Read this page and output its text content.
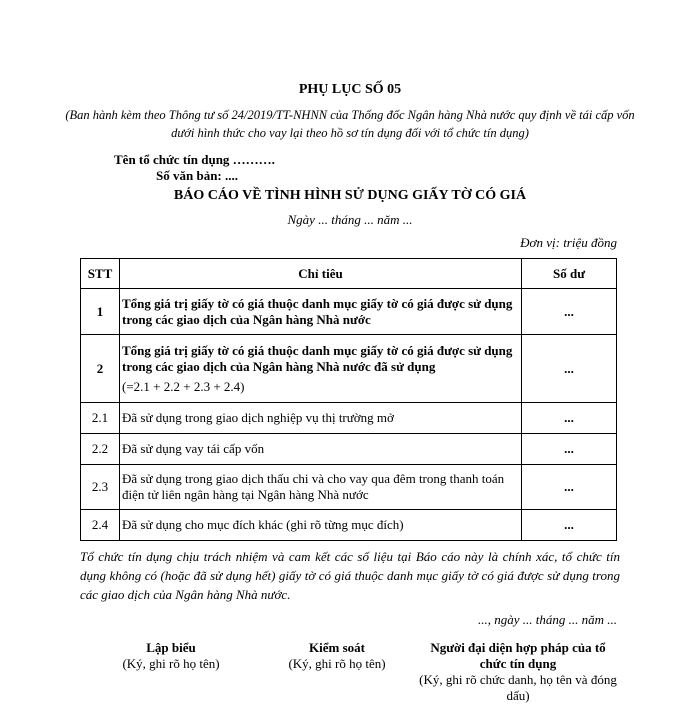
PHỤ LỤC SỐ 05
(Ban hành kèm theo Thông tư số 24/2019/TT-NHNN của Thống đốc Ngân hàng Nhà nước quy định về tái cấp vốn dưới hình thức cho vay lại theo hồ sơ tín dụng đối với tổ chức tín dụng)
Tên tổ chức tín dụng ……….
Số văn bản: ....
BÁO CÁO VỀ TÌNH HÌNH SỬ DỤNG GIẤY TỜ CÓ GIÁ
Ngày ... tháng ... năm ...
Đơn vị: triệu đồng
STT	Chỉ tiêu	Số dư
1	Tổng giá trị giấy tờ có giá thuộc danh mục giấy tờ có giá được sử dụng trong các giao dịch của Ngân hàng Nhà nước	...
2	Tổng giá trị giấy tờ có giá thuộc danh mục giấy tờ có giá được sử dụng trong các giao dịch của Ngân hàng Nhà nước đã sử dụng
(=2.1 + 2.2 + 2.3 + 2.4)	...
2.1	Đã sử dụng trong giao dịch nghiệp vụ thị trường mở	...
2.2	Đã sử dụng vay tái cấp vốn	...
2.3	Đã sử dụng trong giao dịch thấu chi và cho vay qua đêm trong thanh toán điện tử liên ngân hàng tại Ngân hàng Nhà nước	...
2.4	Đã sử dụng cho mục đích khác (ghi rõ từng mục đích)	...
Tổ chức tín dụng chịu trách nhiệm và cam kết các số liệu tại Báo cáo này là chính xác, tổ chức tín dụng không có (hoặc đã sử dụng hết) giấy tờ có giá thuộc danh mục giấy tờ có giá được sử dụng trong các giao dịch của Ngân hàng Nhà nước.
..., ngày ... tháng ... năm ...
Lập biểu
(Ký, ghi rõ họ tên)
Kiểm soát
(Ký, ghi rõ họ tên)
Người đại diện hợp pháp của tổ chức tín dụng
(Ký, ghi rõ chức danh, họ tên và đóng dấu)
